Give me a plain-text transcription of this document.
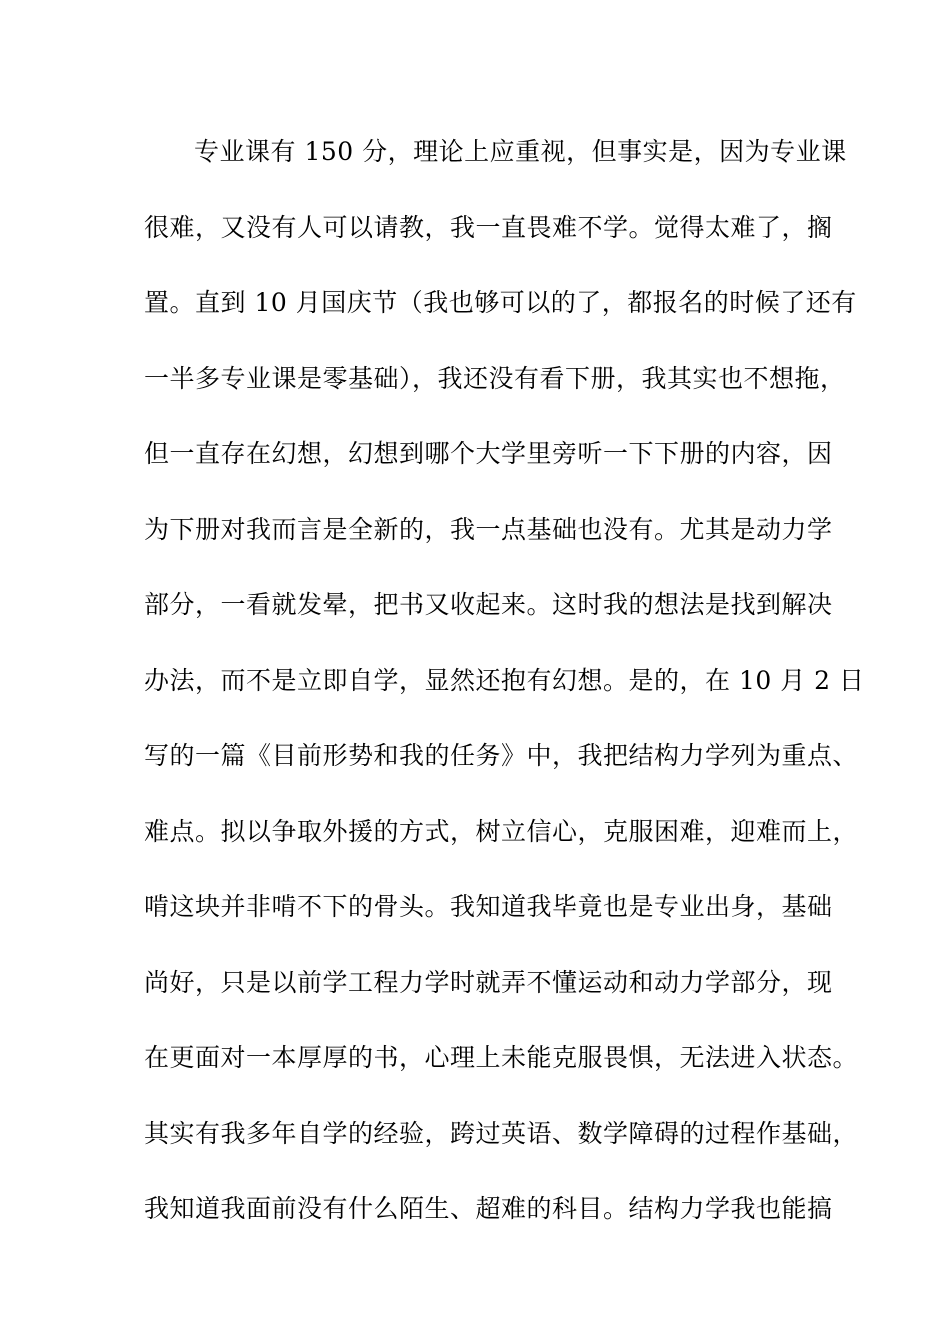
专业课有 150 分，理论上应重视，但事实是，因为专业课
很难，又没有人可以请教，我一直畏难不学。觉得太难了，搁
置。直到 10 月国庆节（我也够可以的了，都报名的时候了还有
一半多专业课是零基础），我还没有看下册，我其实也不想拖，
但一直存在幻想，幻想到哪个大学里旁听一下下册的内容，因
为下册对我而言是全新的，我一点基础也没有。尤其是动力学
部分，一看就发晕，把书又收起来。这时我的想法是找到解决
办法，而不是立即自学，显然还抱有幻想。是的，在 10 月 2 日
写的一篇《目前形势和我的任务》中，我把结构力学列为重点、
难点。拟以争取外援的方式，树立信心，克服困难，迎难而上，
啃这块并非啃不下的骨头。我知道我毕竟也是专业出身，基础
尚好，只是以前学工程力学时就弄不懂运动和动力学部分，现
在更面对一本厚厚的书，心理上未能克服畏惧，无法进入状态。
其实有我多年自学的经验，跨过英语、数学障碍的过程作基础，
我知道我面前没有什么陌生、超难的科目。结构力学我也能搞
